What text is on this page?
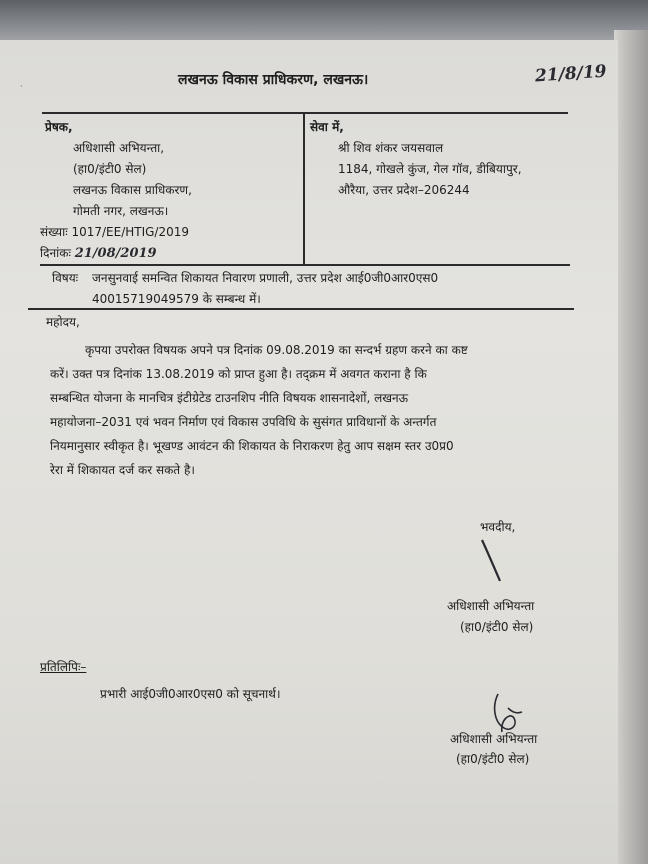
लखनऊ विकास प्राधिकरण, लखनऊ।	21/8/19
प्रेषक,
अधिशासी अभियन्ता,
(हा0/इंटी0 सेल)
लखनऊ विकास प्राधिकरण,
गोमती नगर, लखनऊ।
संख्याः 1017/EE/HTIG/2019
दिनांकः 21/08/2019
सेवा में,
श्री शिव शंकर जयसवाल
1184, गोखले कुंज, गेल गॉव, डीबियापुर,
औरैया, उत्तर प्रदेश–206244
विषयः जनसुनवाई समन्वित शिकायत निवारण प्रणाली, उत्तर प्रदेश आई0जी0आर0एस0
40015719049579 के सम्बन्ध में।
महोदय,
कृपया उपरोक्त विषयक अपने पत्र दिनांक 09.08.2019 का सन्दर्भ ग्रहण करने का कष्ट
करें। उक्त पत्र दिनांक 13.08.2019 को प्राप्त हुआ है। तद्क्रम में अवगत कराना है कि
सम्बन्धित योजना के मानचित्र इंटीग्रेटेड टाउनशिप नीति विषयक शासनादेशों, लखनऊ
महायोजना–2031 एवं भवन निर्माण एवं विकास उपविधि के सुसंगत प्राविधानों के अन्तर्गत
नियमानुसार स्वीकृत है। भूखण्ड आवंटन की शिकायत के निराकरण हेतु आप सक्षम स्तर उ0प्र0
रेरा में शिकायत दर्ज कर सकते है।
भवदीय,
अधिशासी अभियन्ता
(हा0/इंटी0 सेल)
प्रतिलिपिः–
प्रभारी आई0जी0आर0एस0 को सूचनार्थ।
अधिशासी अभियन्ता
(हा0/इंटी0 सेल)
·
